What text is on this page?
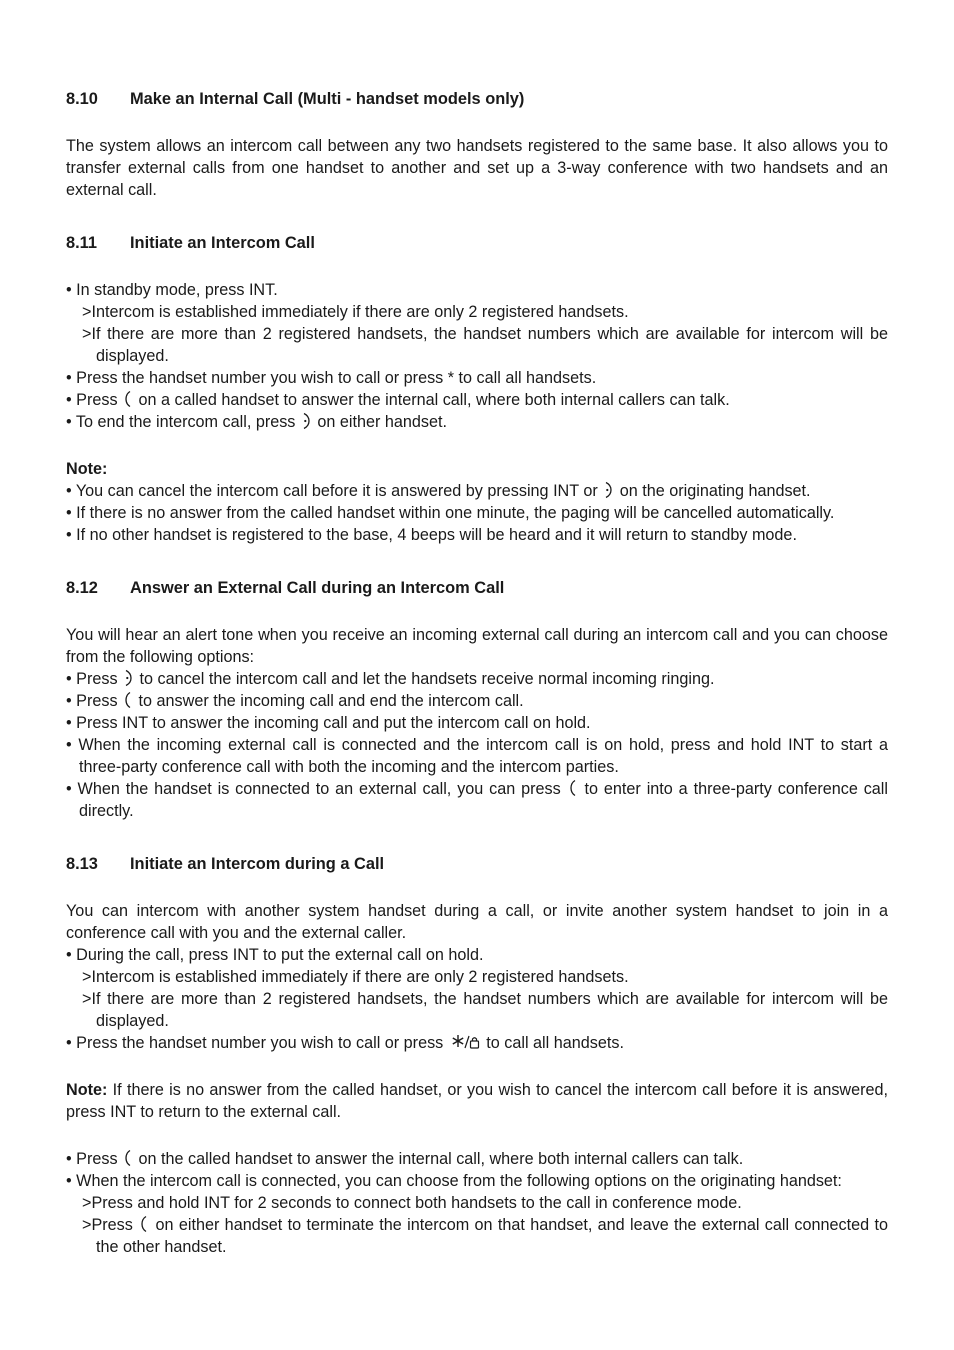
8.10	Make an Internal Call (Multi - handset models only)

The system allows an intercom call between any two handsets registered to the same base. It also allows you to transfer external calls from one handset to another and set up a 3-way conference with two handsets and an external call.

8.11	Initiate an Intercom Call

• In standby mode, press INT.

>Intercom is established immediately if there are only 2 registered handsets.

>If there are more than 2 registered handsets, the handset numbers which are available for intercom will be displayed.

• Press the handset number you wish to call or press * to call all handsets.

• Press  on a called handset to answer the internal call, where both internal callers can talk.

• To end the intercom call, press  on either handset.

Note:

• You can cancel the intercom call before it is answered by pressing INT or  on the originating handset.

• If there is no answer from the called handset within one minute, the paging will be cancelled automatically.

• If no other handset is registered to the base, 4 beeps will be heard and it will return to standby mode.

8.12	Answer an External Call during an Intercom Call

You will hear an alert tone when you receive an incoming external call during an intercom call and you can choose from the following options:

• Press  to cancel the intercom call and let the handsets receive normal incoming ringing.

• Press  to answer the incoming call and end the intercom call.

• Press INT to answer the incoming call and put the intercom call on hold.

• When the incoming external call is connected and the intercom call is on hold, press and hold INT to start a three-party conference call with both the incoming and the intercom parties.

• When the handset is connected to an external call, you can press  to enter into a three-party conference call directly.

8.13	Initiate an Intercom during a Call

You can intercom with another system handset during a call, or invite another system handset to join in a conference call with you and the external caller.

• During the call, press INT to put the external call on hold.

>Intercom is established immediately if there are only 2 registered handsets.

>If there are more than 2 registered handsets, the handset numbers which are available for intercom will be displayed.

• Press the handset number you wish to call or press  to call all handsets.

Note: If there is no answer from the called handset, or you wish to cancel the intercom call before it is answered, press INT to return to the external call.

• Press  on the called handset to answer the internal call, where both internal callers can talk.

• When the intercom call is connected, you can choose from the following options on the originating handset:

>Press and hold INT for 2 seconds to connect both handsets to the call in conference mode.

>Press  on either handset to terminate the intercom on that handset, and leave the external call connected to the other handset.
